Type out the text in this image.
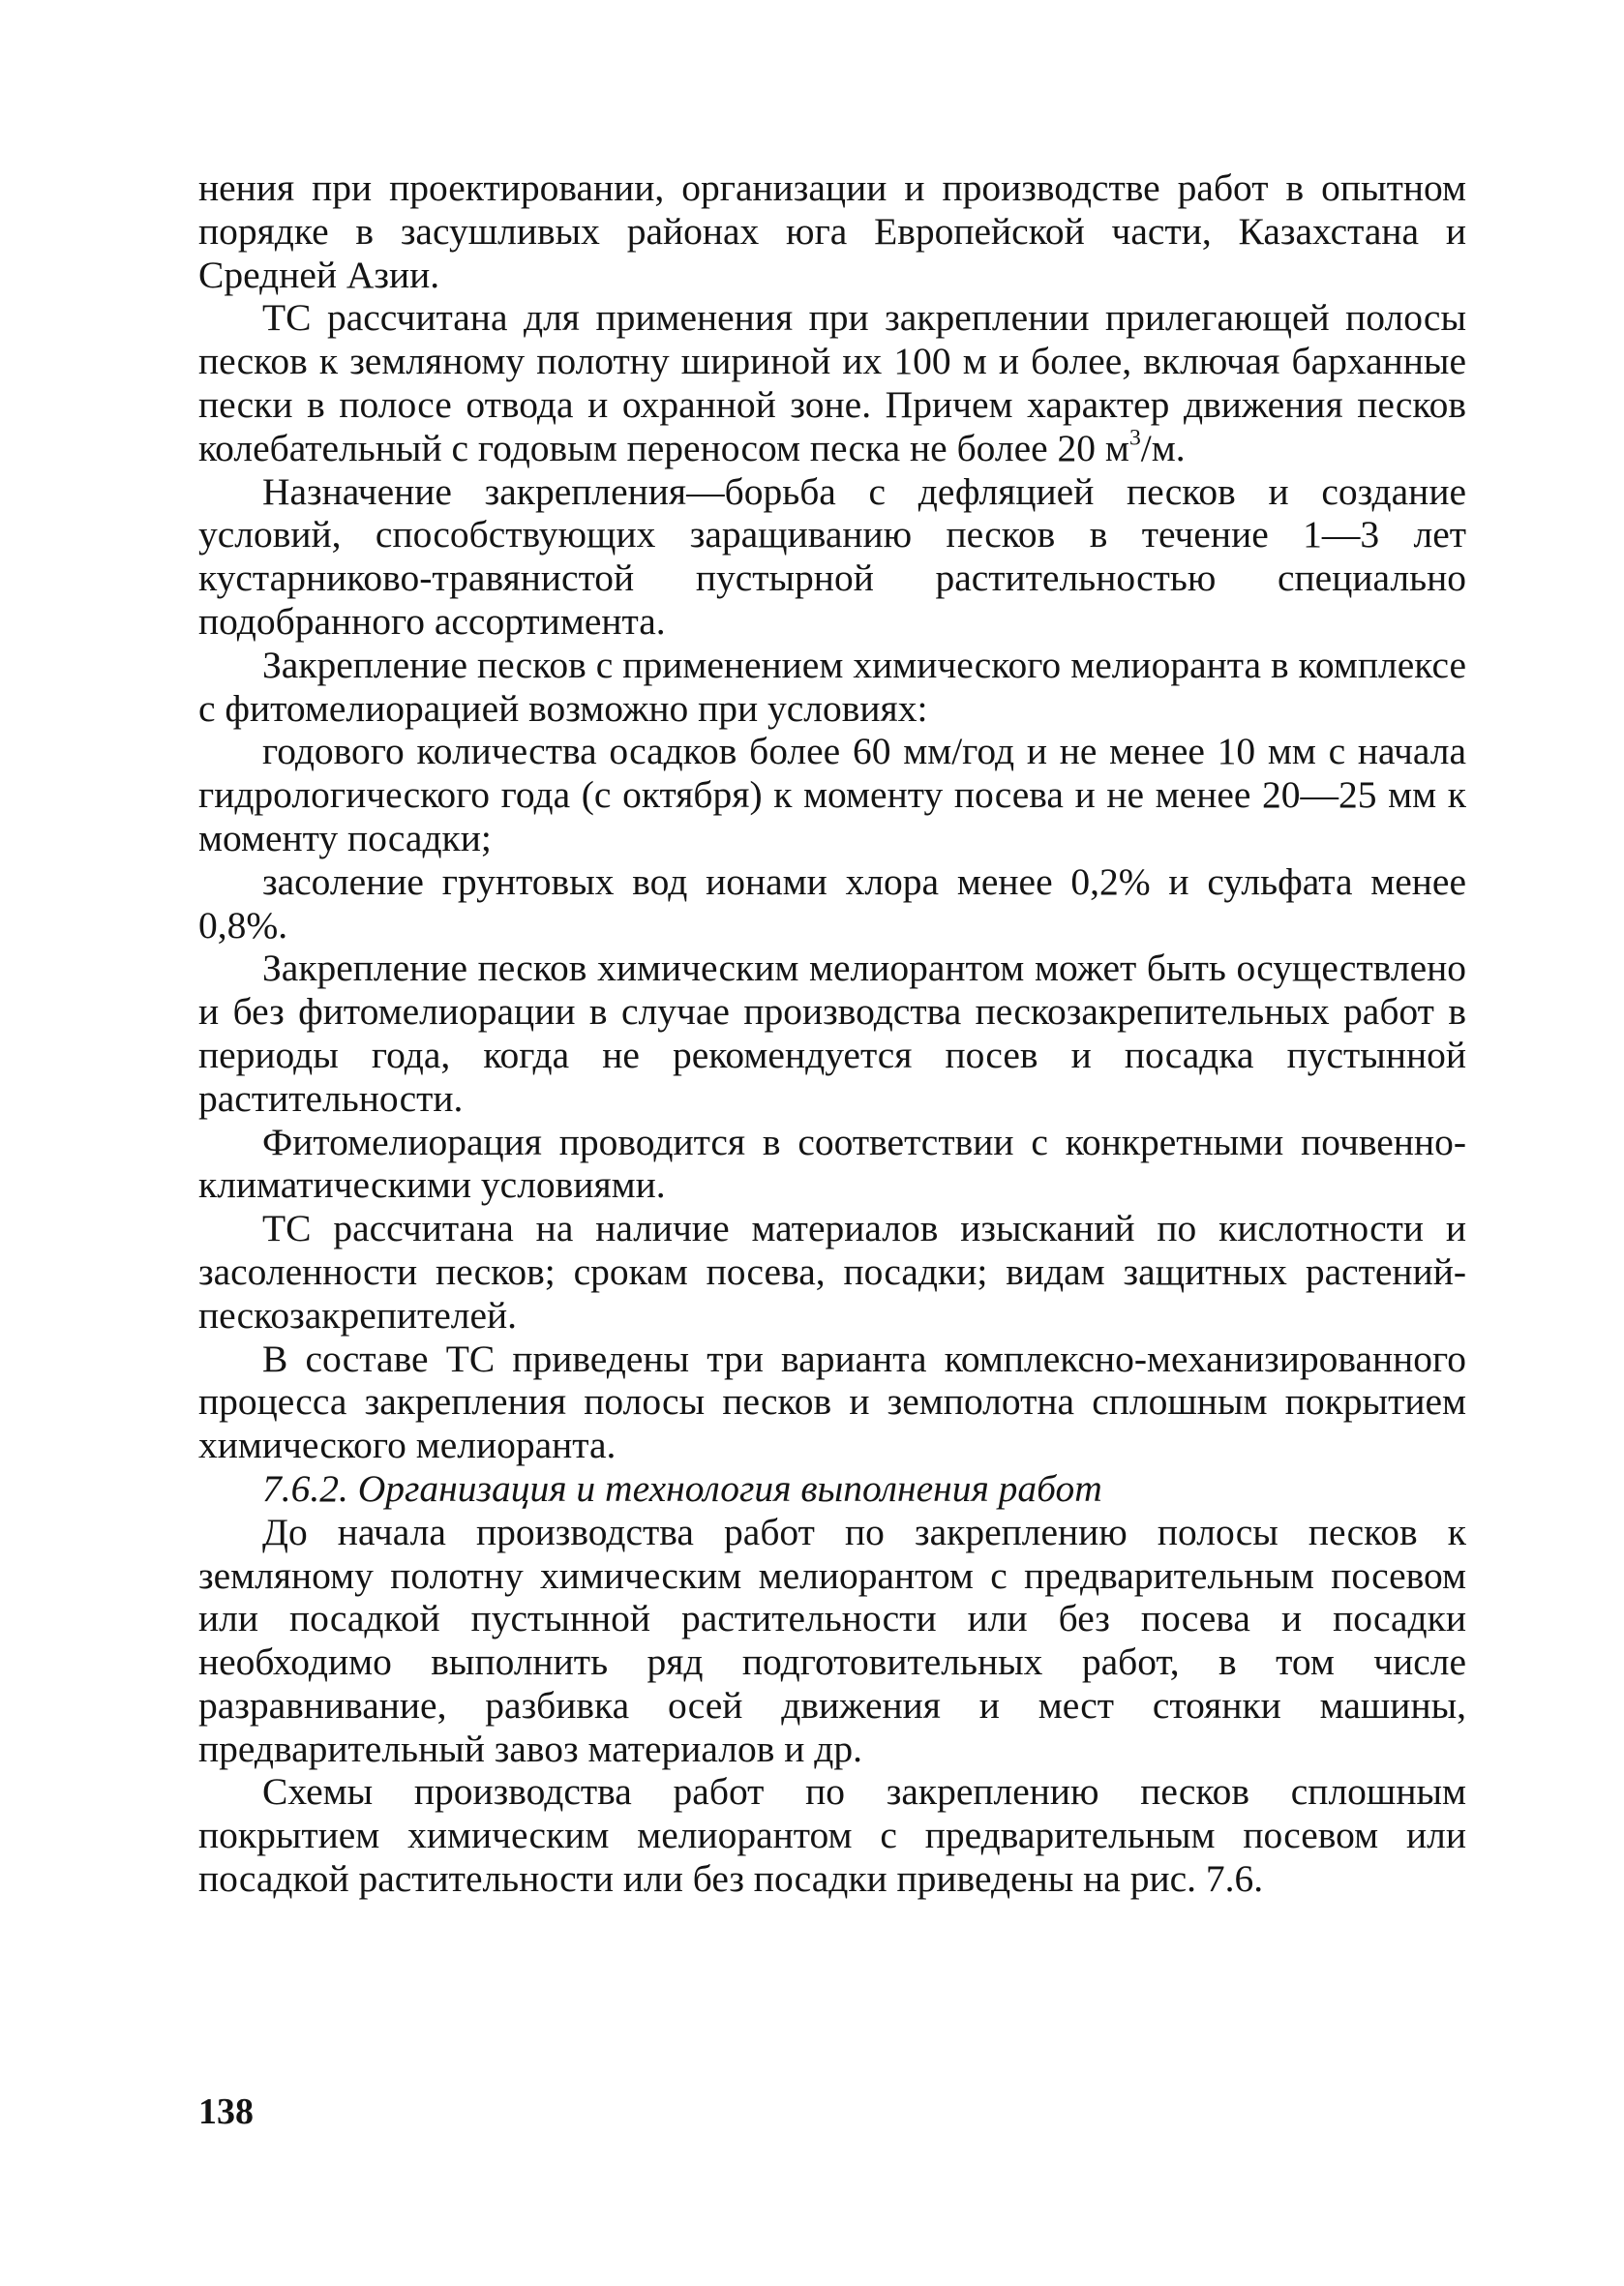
нения при проектировании, организации и производстве работ в опытном порядке в засушливых районах юга Европейской части, Казахстана и Средней Азии.

ТС рассчитана для применения при закреплении прилегающей полосы песков к земляному полотну шириной их 100 м и более, включая барханные пески в полосе отвода и охранной зоне. Причем характер движения песков колебательный с годовым переносом песка не более 20 $м^3/м$.

Назначение закрепления—борьба с дефляцией песков и создание условий, способствующих заращиванию песков в течение 1—3 лет кустарниково-травянистой пустырной растительностью специально подобранного ассортимента.

Закрепление песков с применением химического мелиоранта в комплексе с фитомелиорацией возможно при условиях:

годового количества осадков более 60 мм/год и не менее 10 мм с начала гидрологического года (с октября) к моменту посева и не менее 20—25 мм к моменту посадки;

засоление грунтовых вод ионами хлора менее 0,2% и сульфата менее 0,8%.

Закрепление песков химическим мелиорантом может быть осуществлено и без фитомелиорации в случае производства пескозакрепительных работ в периоды года, когда не рекомендуется посев и посадка пустынной растительности.

Фитомелиорация проводится в соответствии с конкретными почвенно-климатическими условиями.

ТС рассчитана на наличие материалов изысканий по кислотности и засоленности песков; срокам посева, посадки; видам защитных растений-пескозакрепителей.

В составе ТС приведены три варианта комплексно-механизированного процесса закрепления полосы песков и земполотна сплошным покрытием химического мелиоранта.

7.6.2. Организация и технология выполнения работ

До начала производства работ по закреплению полосы песков к земляному полотну химическим мелиорантом с предварительным посевом или посадкой пустынной растительности или без посева и посадки необходимо выполнить ряд подготовительных работ, в том числе разравнивание, разбивка осей движения и мест стоянки машины, предварительный завоз материалов и др.

Схемы производства работ по закреплению песков сплошным покрытием химическим мелиорантом с предварительным посевом или посадкой растительности или без посадки приведены на рис. 7.6.

138
